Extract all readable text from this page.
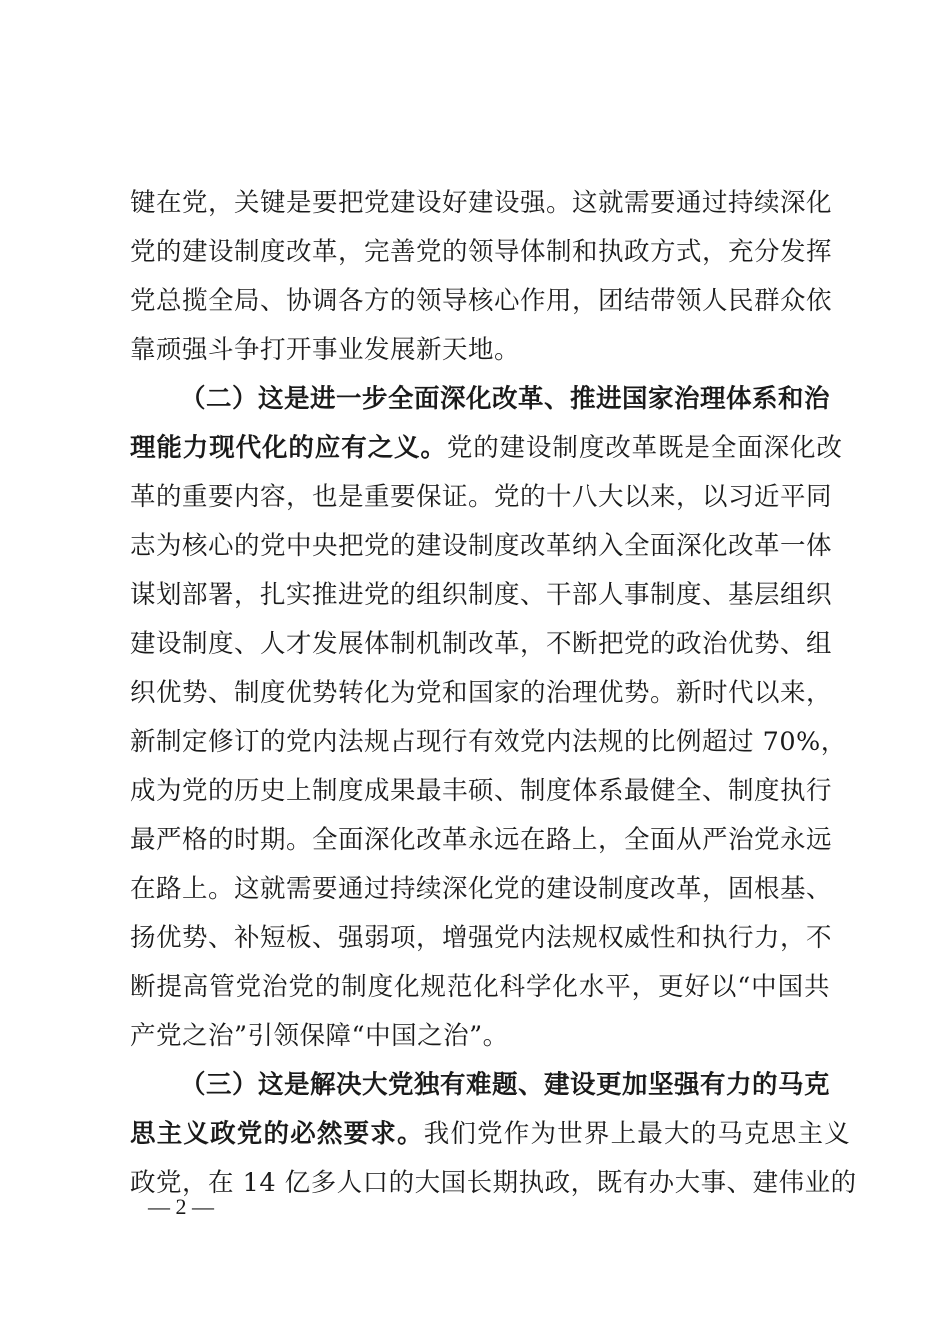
键在党，关键是要把党建设好建设强。这就需要通过持续深化
党的建设制度改革，完善党的领导体制和执政方式，充分发挥
党总揽全局、协调各方的领导核心作用，团结带领人民群众依
靠顽强斗争打开事业发展新天地。
（二）这是进一步全面深化改革、推进国家治理体系和治
理能力现代化的应有之义。 党的建设制度改革既是全面深化改
革的重要内容，也是重要保证。党的十八大以来，以习近平同
志为核心的党中央把党的建设制度改革纳入全面深化改革一体
谋划部署，扎实推进党的组织制度、干部人事制度、基层组织
建设制度、人才发展体制机制改革，不断把党的政治优势、组
织优势、制度优势转化为党和国家的治理优势。新时代以来，
新制定修订的党内法规占现行有效党内法规的比例超过 70%，
成为党的历史上制度成果最丰硕、制度体系最健全、制度执行
最严格的时期。全面深化改革永远在路上，全面从严治党永远
在路上。这就需要通过持续深化党的建设制度改革，固根基、
扬优势、补短板、强弱项，增强党内法规权威性和执行力，不
断提高管党治党的制度化规范化科学化水平，更好以“中国共
产党之治”引领保障“中国之治”。
（三）这是解决大党独有难题、建设更加坚强有力的马克
思主义政党的必然要求。 我们党作为世界上最大的马克思主义
政党，在 14 亿多人口的大国长期执政，既有办大事、建伟业的
— 2 —
